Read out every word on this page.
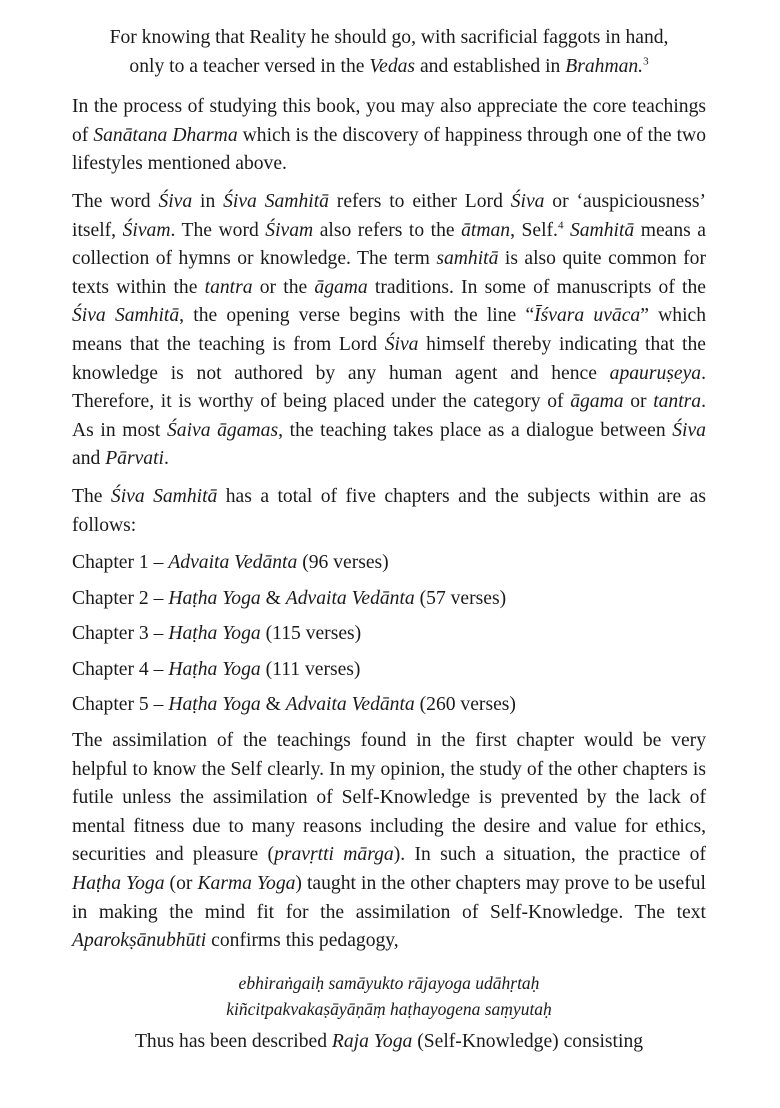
For knowing that Reality he should go, with sacrificial faggots in hand,
only to a teacher versed in the Vedas and established in Brahman.$^3$

In the process of studying this book, you may also appreciate the core teachings of Sanātana Dharma which is the discovery of happiness through one of the two lifestyles mentioned above.

The word Śiva in Śiva Samhitā refers to either Lord Śiva or ‘auspiciousness’ itself, Śivam. The word Śivam also refers to the ātman, Self.$^4$ Samhitā means a collection of hymns or knowledge. The term samhitā is also quite common for texts within the tantra or the āgama traditions. In some of manuscripts of the Śiva Samhitā, the opening verse begins with the line “Īśvara uvāca” which means that the teaching is from Lord Śiva himself thereby indicating that the knowledge is not authored by any human agent and hence apauruṣeya. Therefore, it is worthy of being placed under the category of āgama or tantra. As in most Śaiva āgamas, the teaching takes place as a dialogue between Śiva and Pārvati.

The Śiva Samhitā has a total of five chapters and the subjects within are as follows:

Chapter 1 – Advaita Vedānta (96 verses)

Chapter 2 – Haṭha Yoga & Advaita Vedānta (57 verses)

Chapter 3 – Haṭha Yoga (115 verses)

Chapter 4 – Haṭha Yoga (111 verses)

Chapter 5 – Haṭha Yoga & Advaita Vedānta (260 verses)

The assimilation of the teachings found in the first chapter would be very helpful to know the Self clearly. In my opinion, the study of the other chapters is futile unless the assimilation of Self-Knowledge is prevented by the lack of mental fitness due to many reasons including the desire and value for ethics, securities and pleasure (pravṛtti mārga). In such a situation, the practice of Haṭha Yoga (or Karma Yoga) taught in the other chapters may prove to be useful in making the mind fit for the assimilation of Self-Knowledge. The text Aparokṣānubhūti confirms this pedagogy,

ebhiraṅgaiḥ samāyukto rājayoga udāhṛtaḥ
kiñcitpakvakaṣāyāṇāṃ haṭhayogena saṃyutaḥ

Thus has been described Raja Yoga (Self-Knowledge) consisting
